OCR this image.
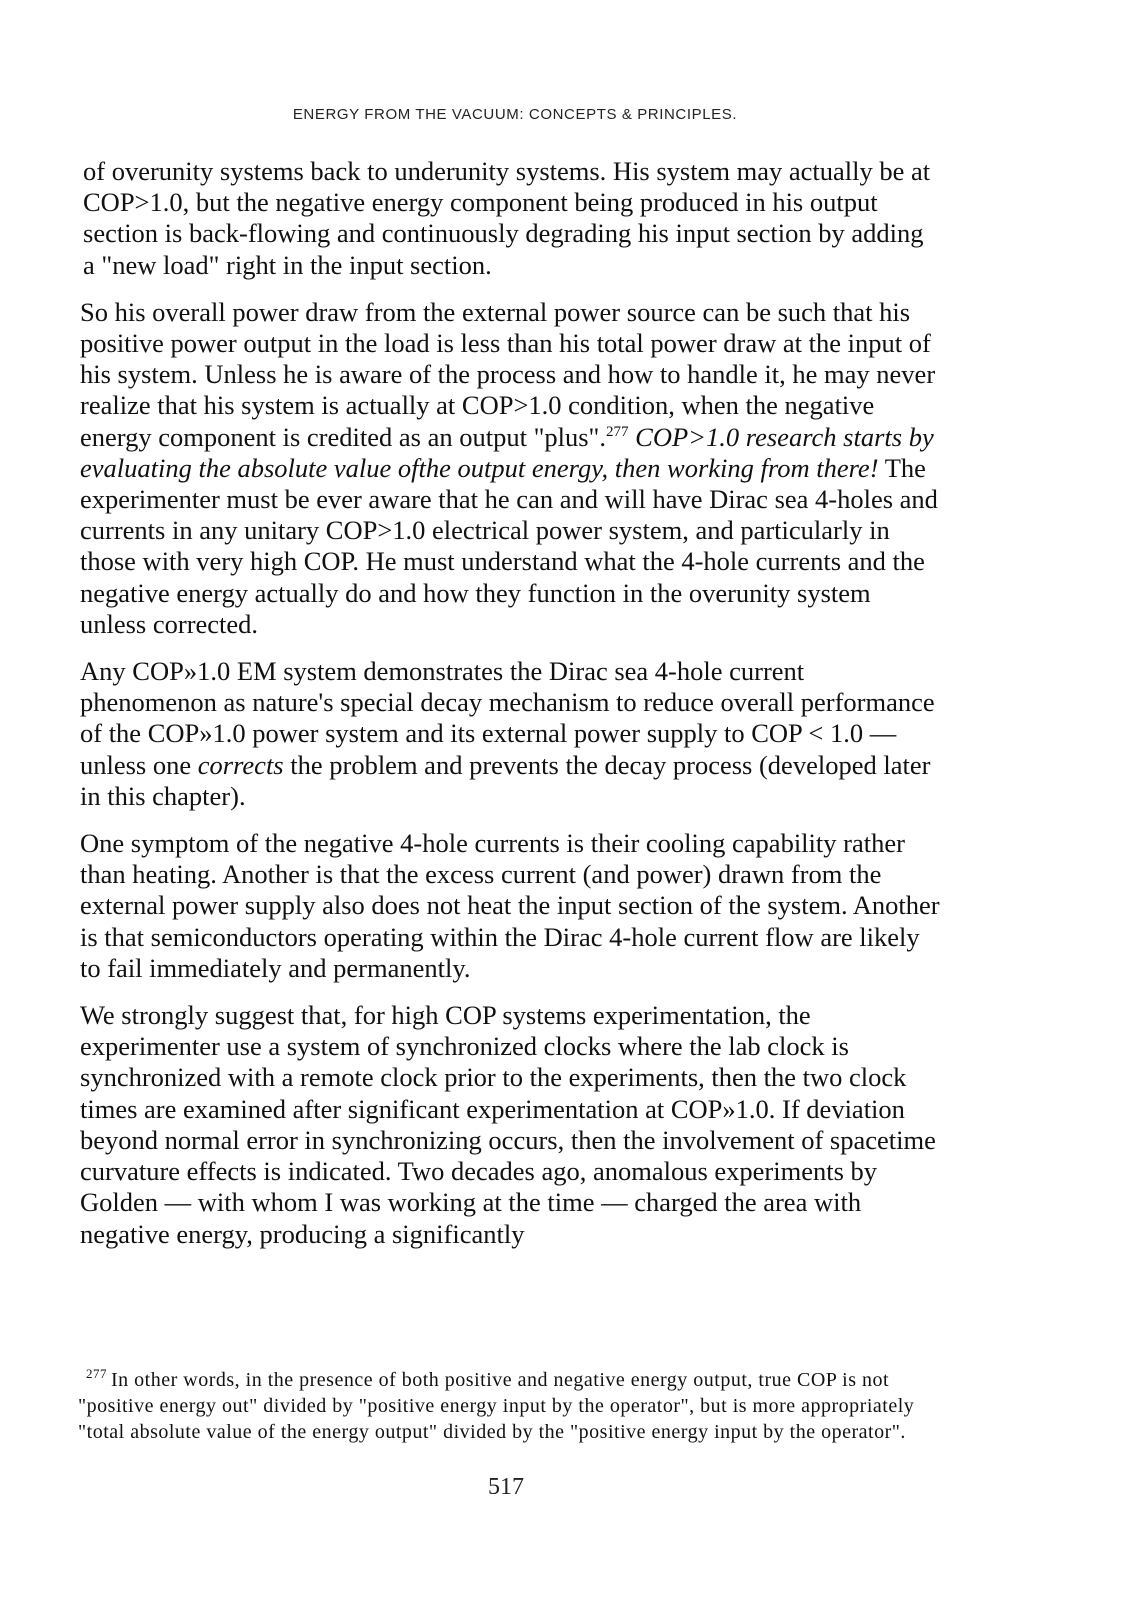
ENERGY FROM THE VACUUM: CONCEPTS & PRINCIPLES.

of overunity systems back to underunity systems. His system may actually be at COP>1.0, but the negative energy component being produced in his output section is back-flowing and continuously degrading his input section by adding a "new load" right in the input section.

So his overall power draw from the external power source can be such that his positive power output in the load is less than his total power draw at the input of his system. Unless he is aware of the process and how to handle it, he may never realize that his system is actually at COP>1.0 condition, when the negative energy component is credited as an output "plus".$^{277}$ COP>1.0 research starts by evaluating the absolute value ofthe output energy, then working from there! The experimenter must be ever aware that he can and will have Dirac sea 4-holes and currents in any unitary COP>1.0 electrical power system, and particularly in those with very high COP. He must understand what the 4-hole currents and the negative energy actually do and how they function in the overunity system unless corrected.

Any COP»1.0 EM system demonstrates the Dirac sea 4-hole current phenomenon as nature's special decay mechanism to reduce overall performance of the COP»1.0 power system and its external power supply to COP < 1.0 — unless one corrects the problem and prevents the decay process (developed later in this chapter).

One symptom of the negative 4-hole currents is their cooling capability rather than heating. Another is that the excess current (and power) drawn from the external power supply also does not heat the input section of the system. Another is that semiconductors operating within the Dirac 4-hole current flow are likely to fail immediately and permanently.

We strongly suggest that, for high COP systems experimentation, the experimenter use a system of synchronized clocks where the lab clock is synchronized with a remote clock prior to the experiments, then the two clock times are examined after significant experimentation at COP»1.0. If deviation beyond normal error in synchronizing occurs, then the involvement of spacetime curvature effects is indicated. Two decades ago, anomalous experiments by Golden — with whom I was working at the time — charged the area with negative energy, producing a significantly

$^{277}$ In other words, in the presence of both positive and negative energy output, true COP is not "positive energy out" divided by "positive energy input by the operator", but is more appropriately "total absolute value of the energy output" divided by the "positive energy input by the operator".
517
